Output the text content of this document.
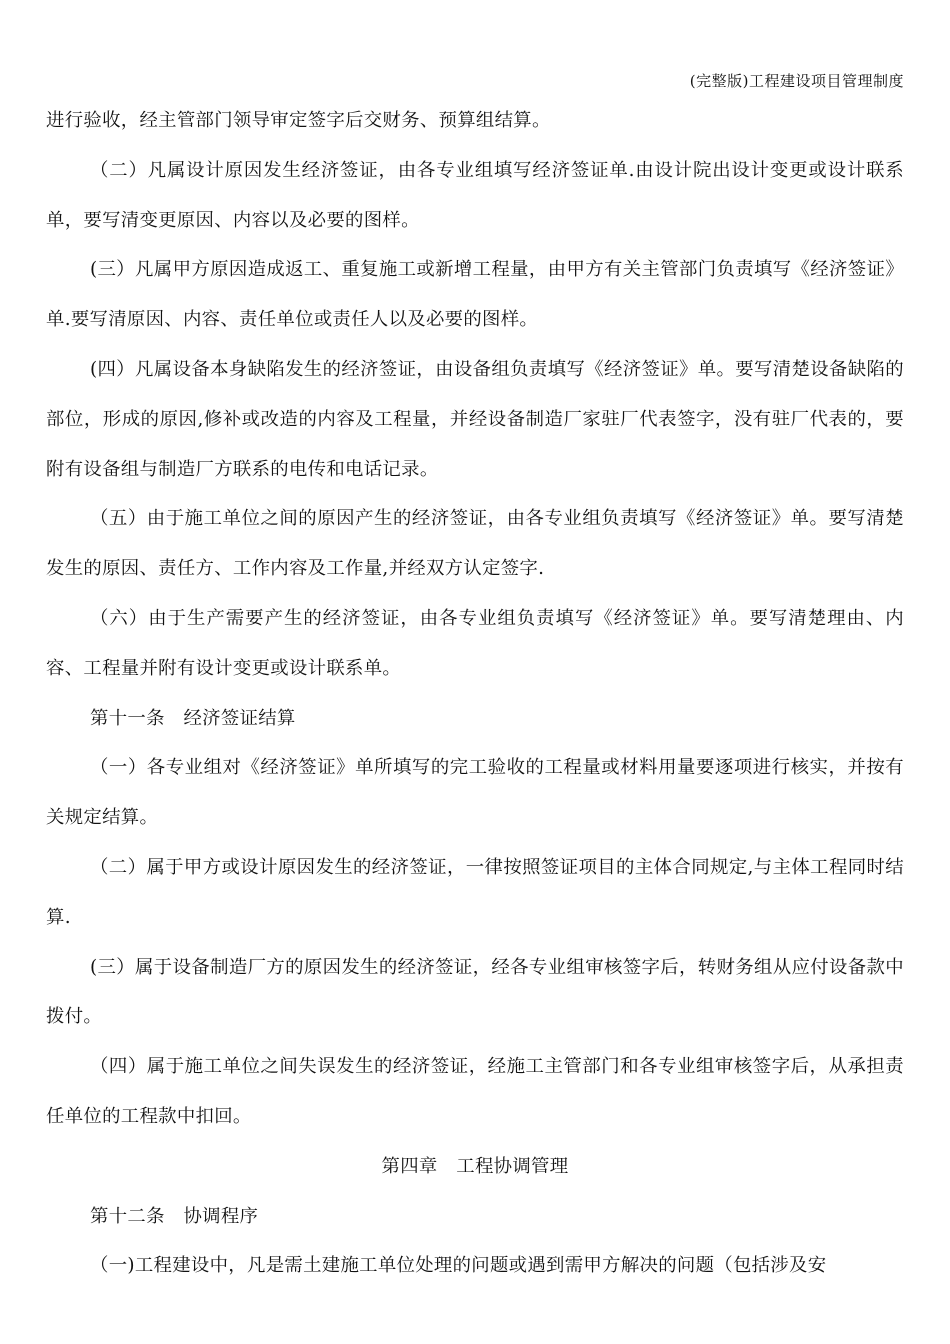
(完整版)工程建设项目管理制度

进行验收，经主管部门领导审定签字后交财务、预算组结算。

（二）凡属设计原因发生经济签证，由各专业组填写经济签证单.由设计院出设计变更或设计联系单，要写清变更原因、内容以及必要的图样。

(三）凡属甲方原因造成返工、重复施工或新增工程量，由甲方有关主管部门负责填写《经济签证》单.要写清原因、内容、责任单位或责任人以及必要的图样。

(四）凡属设备本身缺陷发生的经济签证，由设备组负责填写《经济签证》单。要写清楚设备缺陷的部位，形成的原因,修补或改造的内容及工程量，并经设备制造厂家驻厂代表签字，没有驻厂代表的，要附有设备组与制造厂方联系的电传和电话记录。

（五）由于施工单位之间的原因产生的经济签证，由各专业组负责填写《经济签证》单。要写清楚发生的原因、责任方、工作内容及工作量,并经双方认定签字.

（六）由于生产需要产生的经济签证，由各专业组负责填写《经济签证》单。要写清楚理由、内容、工程量并附有设计变更或设计联系单。

第十一条　经济签证结算

（一）各专业组对《经济签证》单所填写的完工验收的工程量或材料用量要逐项进行核实，并按有关规定结算。

（二）属于甲方或设计原因发生的经济签证，一律按照签证项目的主体合同规定,与主体工程同时结算.

(三）属于设备制造厂方的原因发生的经济签证，经各专业组审核签字后，转财务组从应付设备款中拨付。

（四）属于施工单位之间失误发生的经济签证，经施工主管部门和各专业组审核签字后，从承担责任单位的工程款中扣回。

第四章　工程协调管理

第十二条　协调程序

（一)工程建设中，凡是需土建施工单位处理的问题或遇到需甲方解决的问题（包括涉及安
